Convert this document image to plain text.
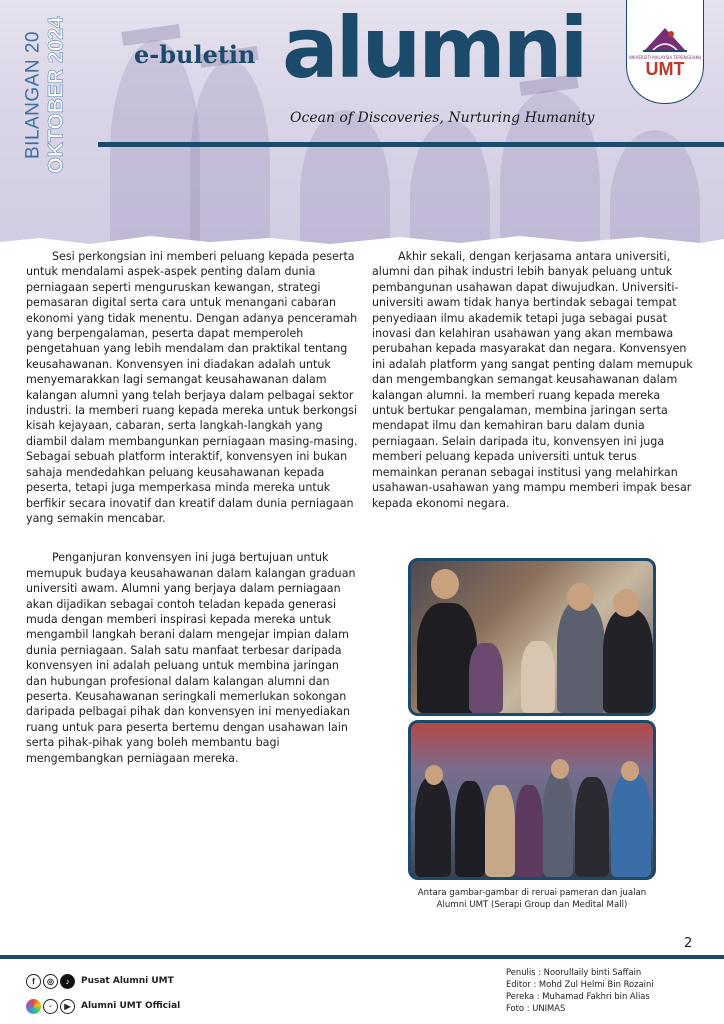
BILANGAN 20 OKTOBER 2024	e-buletin alumni
Ocean of Discoveries, Nurturing Humanity
UNIVERSITI MALAYSIA TERENGGANU
UMT

Sesi perkongsian ini memberi peluang kepada peserta untuk mendalami aspek-aspek penting dalam dunia perniagaan seperti menguruskan kewangan, strategi pemasaran digital serta cara untuk menangani cabaran ekonomi yang tidak menentu. Dengan adanya penceramah yang berpengalaman, peserta dapat memperoleh pengetahuan yang lebih mendalam dan praktikal tentang keusahawanan. Konvensyen ini diadakan adalah untuk menyemarakkan lagi semangat keusahawanan dalam kalangan alumni yang telah berjaya dalam pelbagai sektor industri. Ia memberi ruang kepada mereka untuk berkongsi kisah kejayaan, cabaran, serta langkah-langkah yang diambil dalam membangunkan perniagaan masing-masing. Sebagai sebuah platform interaktif, konvensyen ini bukan sahaja mendedahkan peluang keusahawanan kepada peserta, tetapi juga memperkasa minda mereka untuk berfikir secara inovatif dan kreatif dalam dunia perniagaan yang semakin mencabar.

Penganjuran konvensyen ini juga bertujuan untuk memupuk budaya keusahawanan dalam kalangan graduan universiti awam. Alumni yang berjaya dalam perniagaan akan dijadikan sebagai contoh teladan kepada generasi muda dengan memberi inspirasi kepada mereka untuk mengambil langkah berani dalam mengejar impian dalam dunia perniagaan. Salah satu manfaat terbesar daripada konvensyen ini adalah peluang untuk membina jaringan dan hubungan profesional dalam kalangan alumni dan peserta. Keusahawanan seringkali memerlukan sokongan daripada pelbagai pihak dan konvensyen ini menyediakan ruang untuk para peserta bertemu dengan usahawan lain serta pihak-pihak yang boleh membantu bagi mengembangkan perniagaan mereka.

Akhir sekali, dengan kerjasama antara universiti, alumni dan pihak industri lebih banyak peluang untuk pembangunan usahawan dapat diwujudkan. Universiti-universiti awam tidak hanya bertindak sebagai tempat penyediaan ilmu akademik tetapi juga sebagai pusat inovasi dan kelahiran usahawan yang akan membawa perubahan kepada masyarakat dan negara. Konvensyen ini adalah platform yang sangat penting dalam memupuk dan mengembangkan semangat keusahawanan dalam kalangan alumni. Ia memberi ruang kepada mereka untuk bertukar pengalaman, membina jaringan serta mendapat ilmu dan kemahiran baru dalam dunia perniagaan. Selain daripada itu, konvensyen ini juga memberi peluang kepada universiti untuk terus memainkan peranan sebagai institusi yang melahirkan usahawan-usahawan yang mampu memberi impak besar kepada ekonomi negara.

Antara gambar-gambar di reruai pameran dan jualan
Alumni UMT (Serapi Group dan Medital Mall)
2
f	◎	♪	Pusat Alumni UMT
·	▶	Alumni UMT Official
Penulis : Noorullaily binti Saffain
Editor : Mohd Zul Helmi Bin Rozaini
Pereka : Muhamad Fakhri bin Alias
Foto : UNIMAS
